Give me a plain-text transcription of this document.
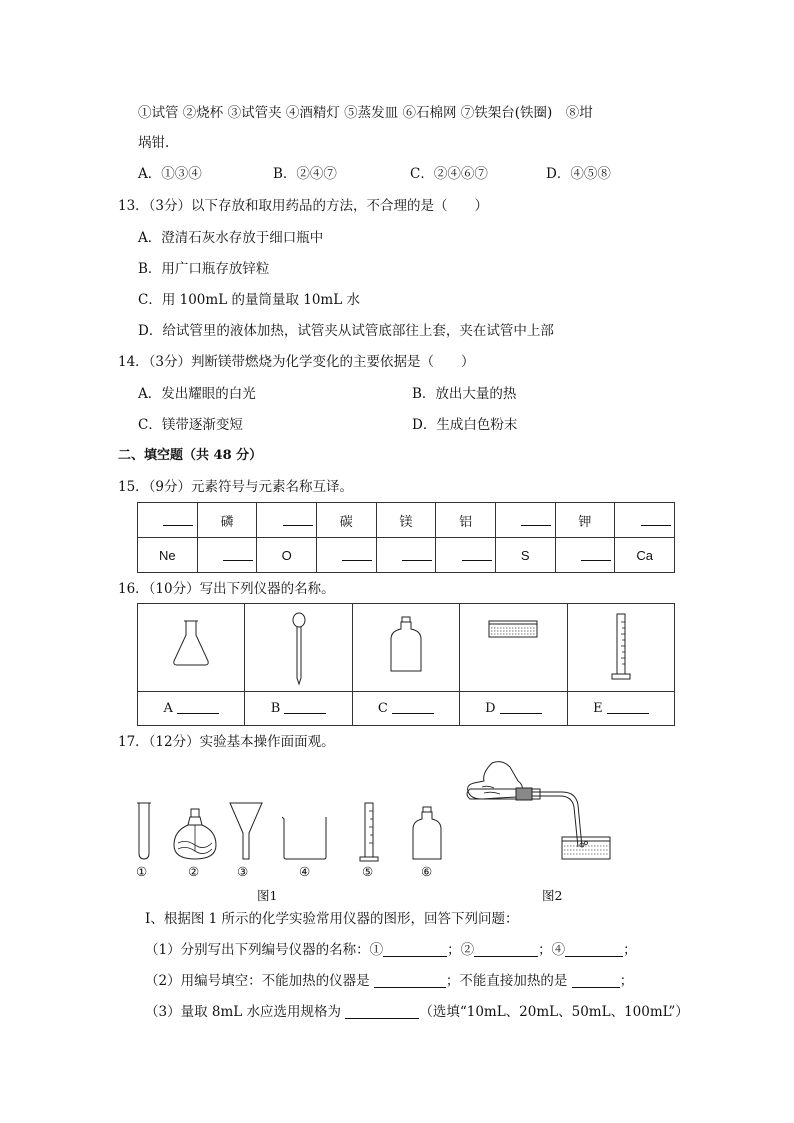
①试管 ②烧杯 ③试管夹 ④酒精灯 ⑤蒸发皿 ⑥石棉网 ⑦铁架台(铁圈)　⑧坩
埚钳.
A．①③④	B．②④⑦	C．②④⑥⑦	D．④⑤⑧
13．（3分）以下存放和取用药品的方法，不合理的是（　　）
A．澄清石灰水存放于细口瓶中
B．用广口瓶存放锌粒
C．用 100mL 的量筒量取 10mL 水
D．给试管里的液体加热，试管夹从试管底部往上套，夹在试管中上部
14．（3分）判断镁带燃烧为化学变化的主要依据是（　　）
A．发出耀眼的白光	B．放出大量的热
C．镁带逐渐变短	D．生成白色粉末
二、填空题（共 48 分）
15．（9分）元素符号与元素名称互译。
	磷		碳	镁	铝		钾	
Ne		O				S		Ca
16．（10分）写出下列仪器的名称。

A	B	C	D	E
17．（12分）实验基本操作面面观。
①	②	③	④	⑤	⑥
图1	图2
Ⅰ、根据图 1 所示的化学实验常用仪器的图形，回答下列问题：
（1）分别写出下列编号仪器的名称：①	；②	；④	；
（2）用编号填空：不能加热的仪器是	；不能直接加热的是	；
（3）量取 8mL 水应选用规格为	（选填“10mL、20mL、50mL、100mL”）
